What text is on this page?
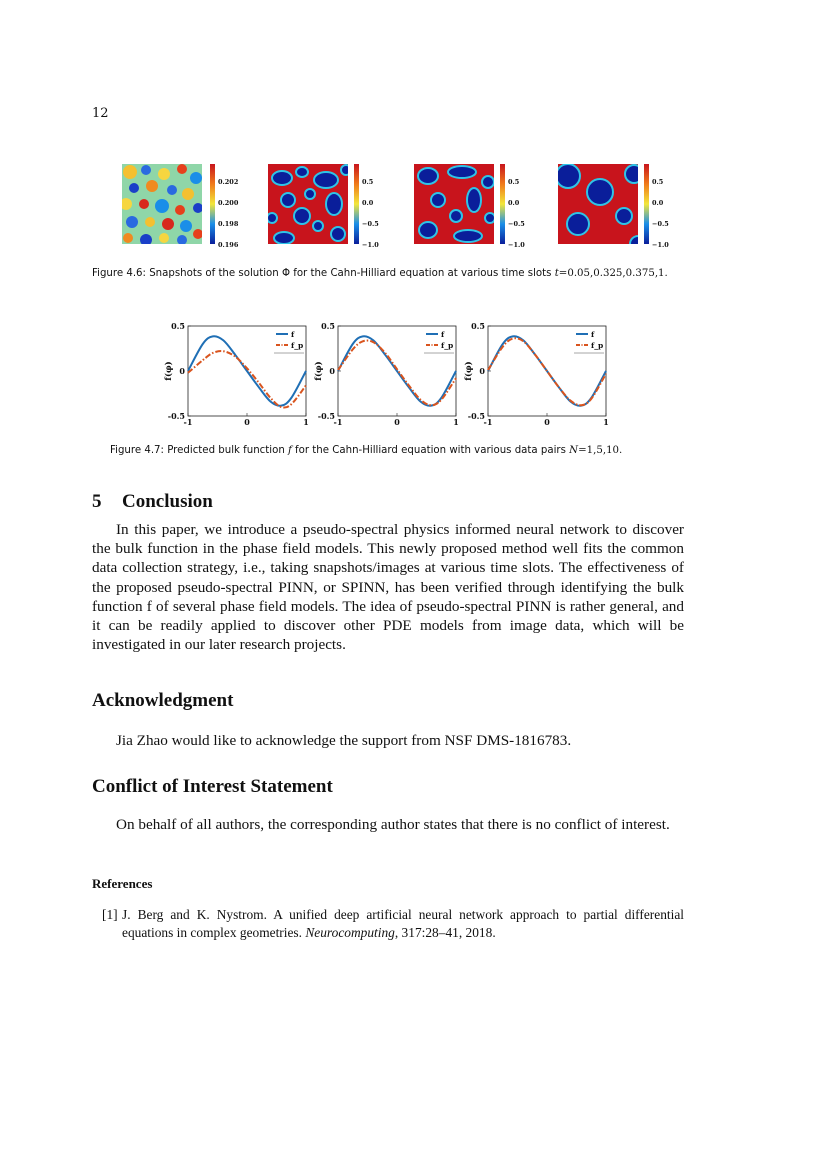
12
0.202
0.200
0.198
0.196
0.5
0.0
−0.5
−1.0
0.5
0.0
−0.5
−1.0
0.5
0.0
−0.5
−1.0
Figure 4.6: Snapshots of the solution Φ for the Cahn-Hilliard equation at various time slots t=0.05,0.325,0.375,1.
0.5
0
-0.5
-1	0	1
f(φ)
f
f_p
0.5
0
-0.5
-1	0	1
f(φ)
f
f_p
0.5
0
-0.5
-1	0	1
f(φ)
f
f_p
Figure 4.7: Predicted bulk function f for the Cahn-Hilliard equation with various data pairs N=1,5,10.
5 Conclusion

In this paper, we introduce a pseudo-spectral physics informed neural network to discover the bulk function in the phase field models. This newly proposed method well fits the common data collection strategy, i.e., taking snapshots/images at various time slots. The effectiveness of the proposed pseudo-spectral PINN, or SPINN, has been verified through identifying the bulk function f of several phase field models. The idea of pseudo-spectral PINN is rather general, and it can be readily applied to discover other PDE models from image data, which will be investigated in our later research projects.

Acknowledgment

Jia Zhao would like to acknowledge the support from NSF DMS-1816783.

Conflict of Interest Statement

On behalf of all authors, the corresponding author states that there is no conflict of interest.

References
[1] J. Berg and K. Nystrom. A unified deep artificial neural network approach to partial differential equations in complex geometries. Neurocomputing, 317:28–41, 2018.
